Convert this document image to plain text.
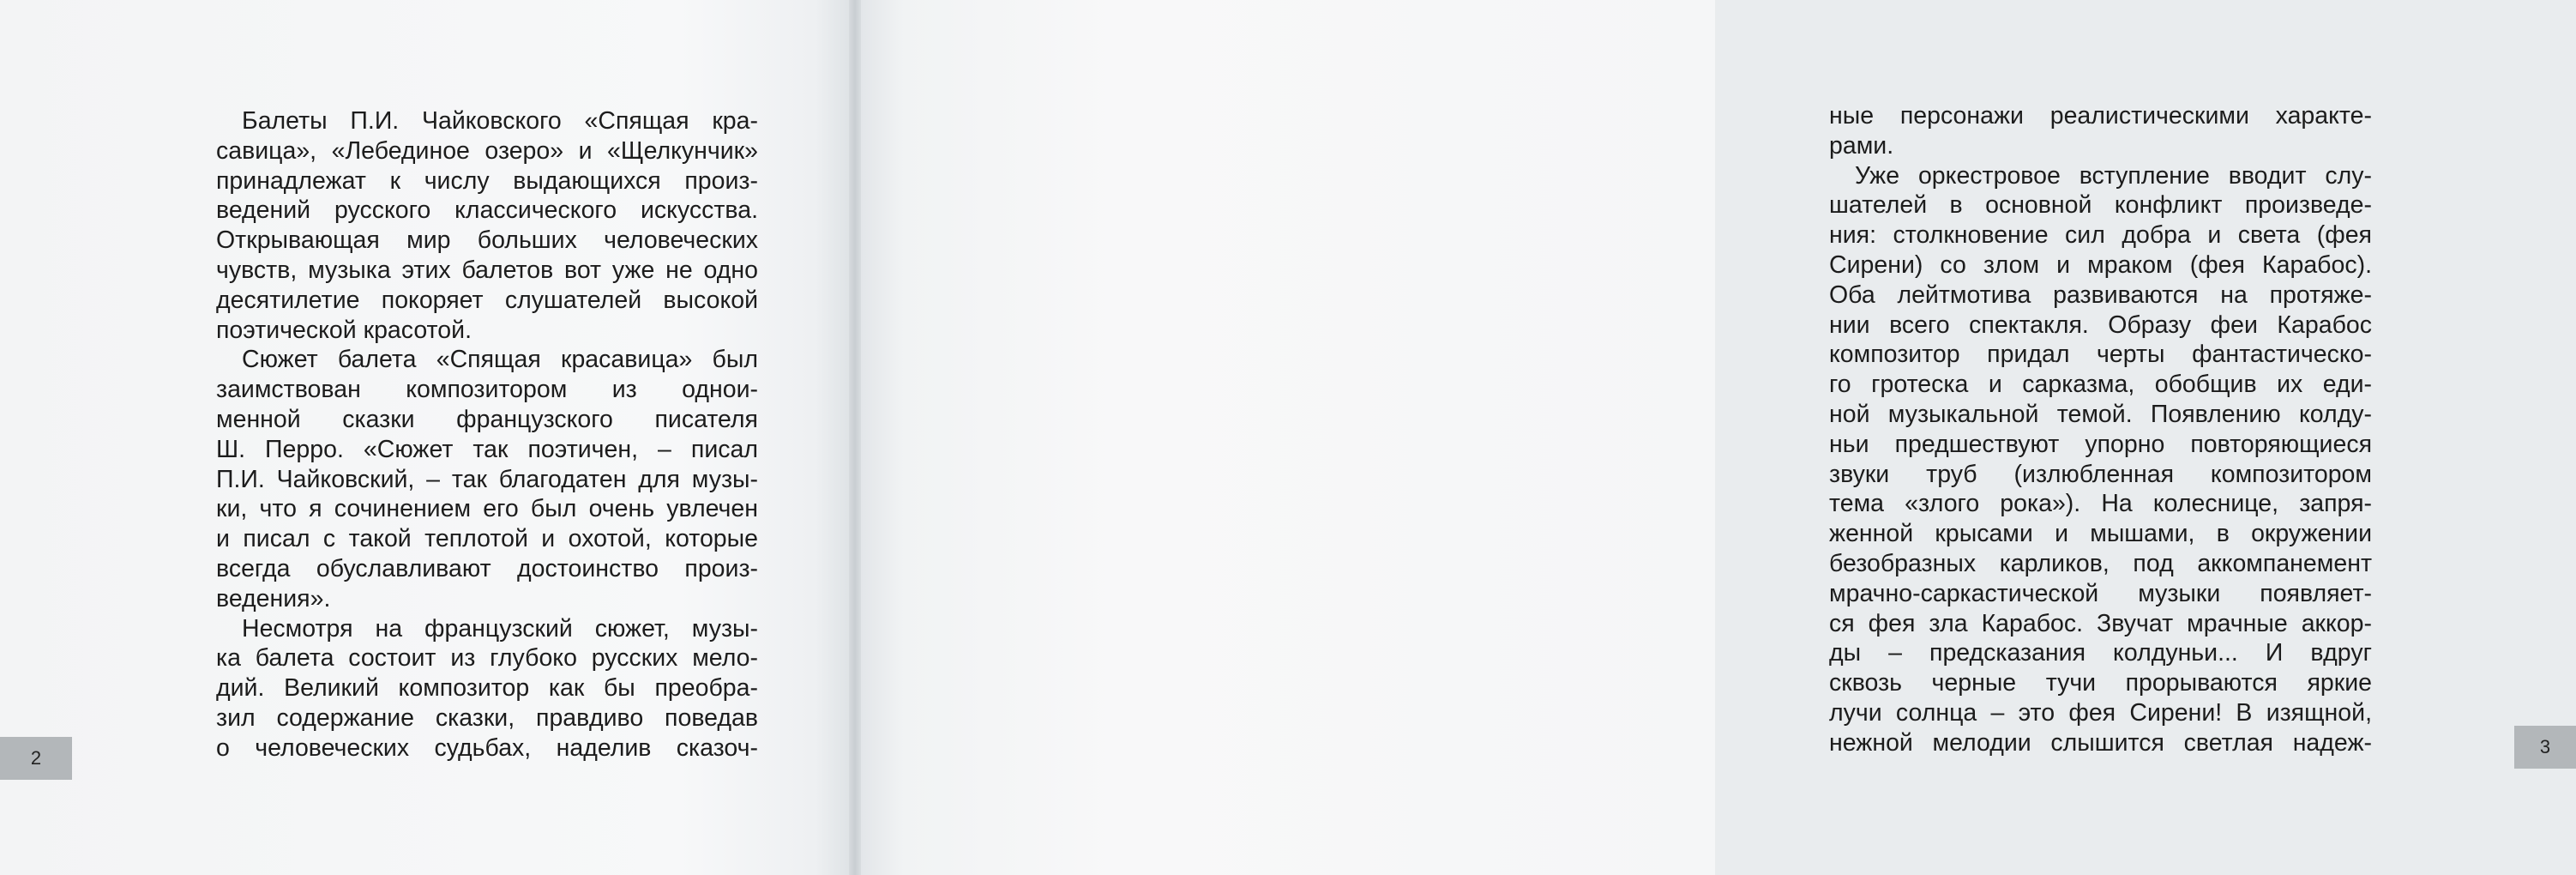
Балеты П.И. Чайковского «Спящая кра-
савица», «Лебединое озеро» и «Щелкунчик»
принадлежат к числу выдающихся произ-
ведений русского классического искусства.
Открывающая мир больших человеческих
чувств, музыка этих балетов вот уже не одно
десятилетие покоряет слушателей высокой
поэтической красотой.
Сюжет балета «Спящая красавица» был
заимствован композитором из однои-
менной сказки французского писателя
Ш. Перро. «Сюжет так поэтичен, – писал
П.И. Чайковский, – так благодатен для музы-
ки, что я сочинением его был очень увлечен
и писал с такой теплотой и охотой, которые
всегда обуславливают достоинство произ-
ведения».
Несмотря на французский сюжет, музы-
ка балета состоит из глубоко русских мело-
дий. Великий композитор как бы преобра-
зил содержание сказки, правдиво поведав
о человеческих судьбах, наделив сказоч-
2
ные персонажи реалистическими характе-
рами.
Уже оркестровое вступление вводит слу-
шателей в основной конфликт произведе-
ния: столкновение сил добра и света (фея
Сирени) со злом и мраком (фея Карабос).
Оба лейтмотива развиваются на протяже-
нии всего спектакля. Образу феи Карабос
композитор придал черты фантастическо-
го гротеска и сарказма, обобщив их еди-
ной музыкальной темой. Появлению колду-
ньи предшествуют упорно повторяющиеся
звуки труб (излюбленная композитором
тема «злого рока»). На колеснице, запря-
женной крысами и мышами, в окружении
безобразных карликов, под аккомпанемент
мрачно-саркастической музыки появляет-
ся фея зла Карабос. Звучат мрачные аккор-
ды – предсказания колдуньи... И вдруг
сквозь черные тучи прорываются яркие
лучи солнца – это фея Сирени! В изящной,
нежной мелодии слышится светлая надеж-	3
